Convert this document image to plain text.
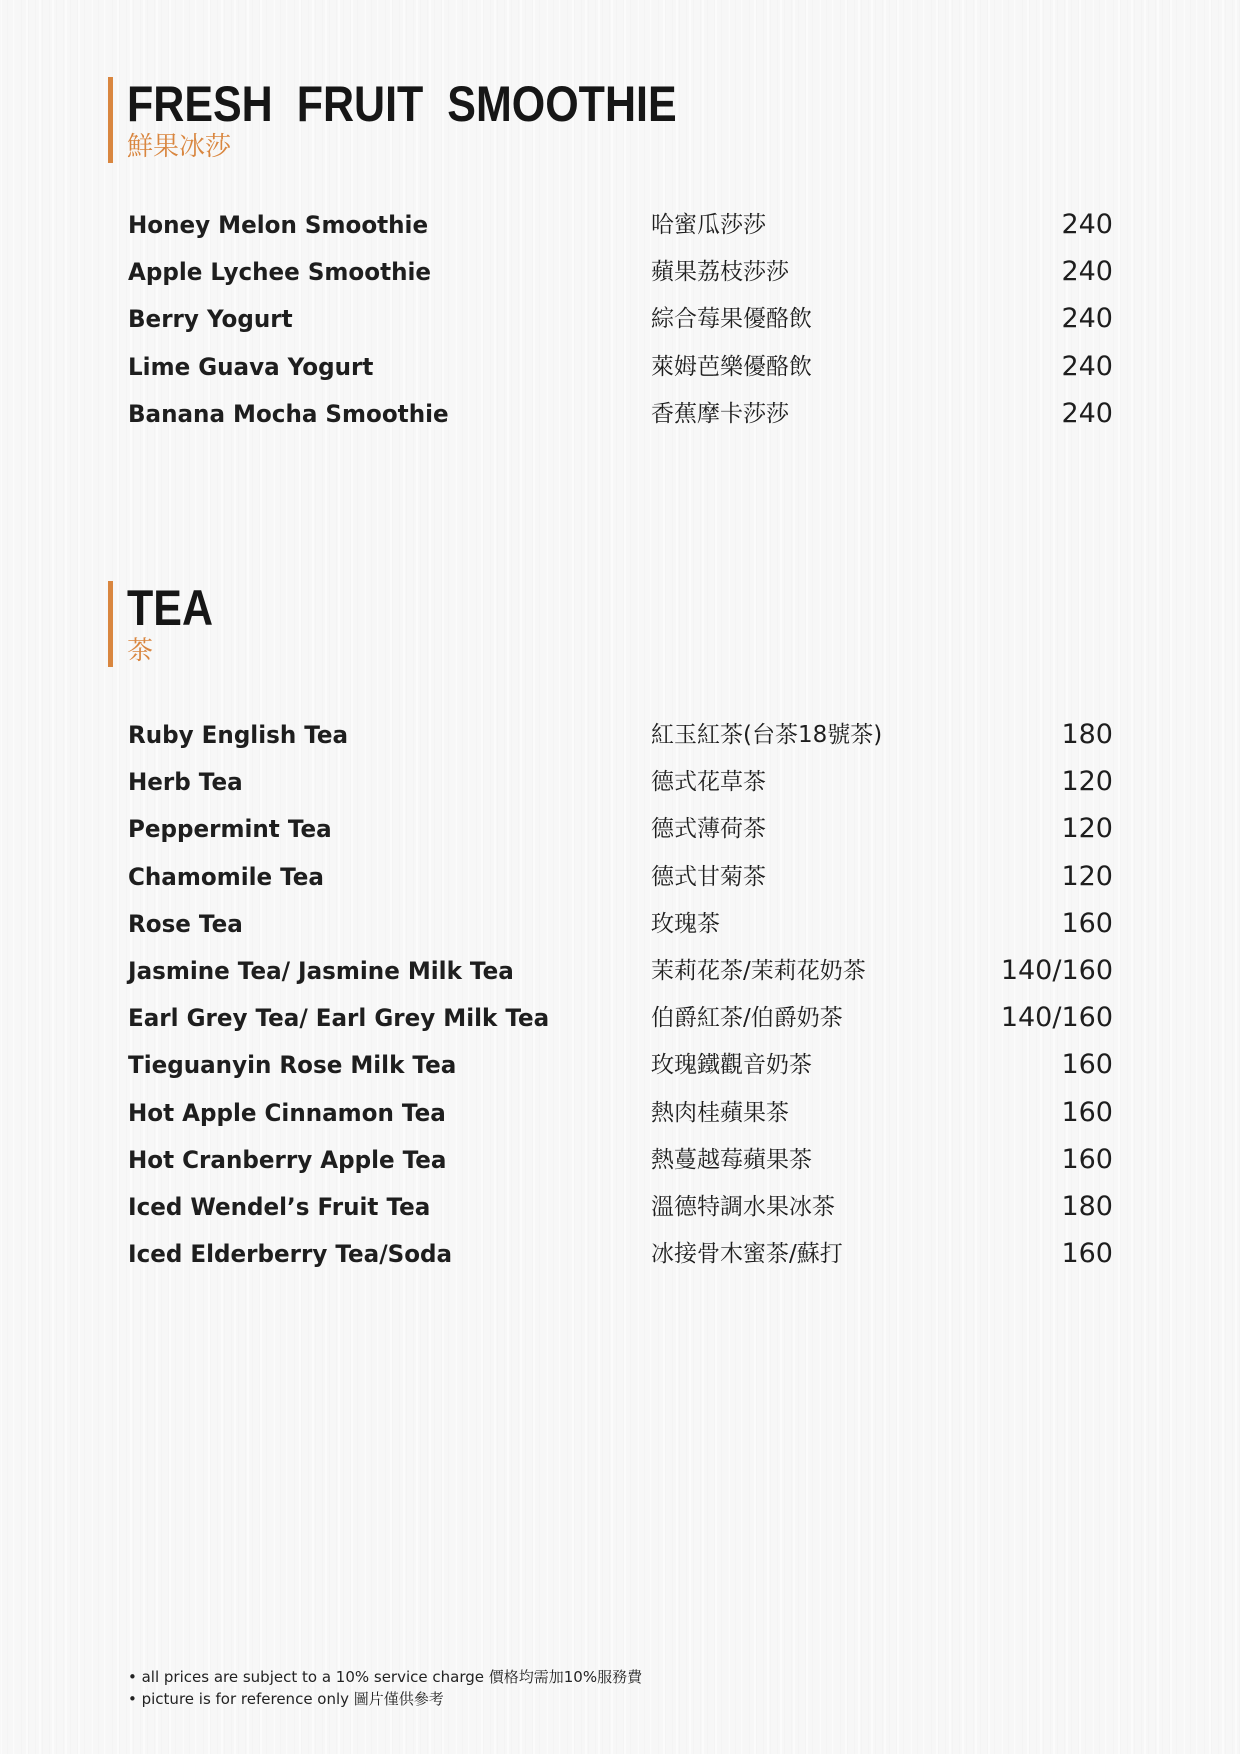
FRESH FRUIT SMOOTHIE
鮮果冰莎
Honey Melon Smoothie	哈蜜瓜莎莎	240
Apple Lychee Smoothie	蘋果荔枝莎莎	240
Berry Yogurt	綜合莓果優酪飲	240
Lime Guava Yogurt	萊姆芭樂優酪飲	240
Banana Mocha Smoothie	香蕉摩卡莎莎	240
TEA
茶
Ruby English Tea	紅玉紅茶(台茶18號茶)	180
Herb Tea	德式花草茶	120
Peppermint Tea	德式薄荷茶	120
Chamomile Tea	德式甘菊茶	120
Rose Tea	玫瑰茶	160
Jasmine Tea/ Jasmine Milk Tea	茉莉花茶/茉莉花奶茶	140/160
Earl Grey Tea/ Earl Grey Milk Tea	伯爵紅茶/伯爵奶茶	140/160
Tieguanyin Rose Milk Tea	玫瑰鐵觀音奶茶	160
Hot Apple Cinnamon Tea	熱肉桂蘋果茶	160
Hot Cranberry Apple Tea	熱蔓越莓蘋果茶	160
Iced Wendel’s Fruit Tea	溫德特調水果冰茶	180
Iced Elderberry Tea/Soda	冰接骨木蜜茶/蘇打	160
• all prices are subject to a 10% service charge 價格均需加10%服務費
• picture is for reference only 圖片僅供參考
